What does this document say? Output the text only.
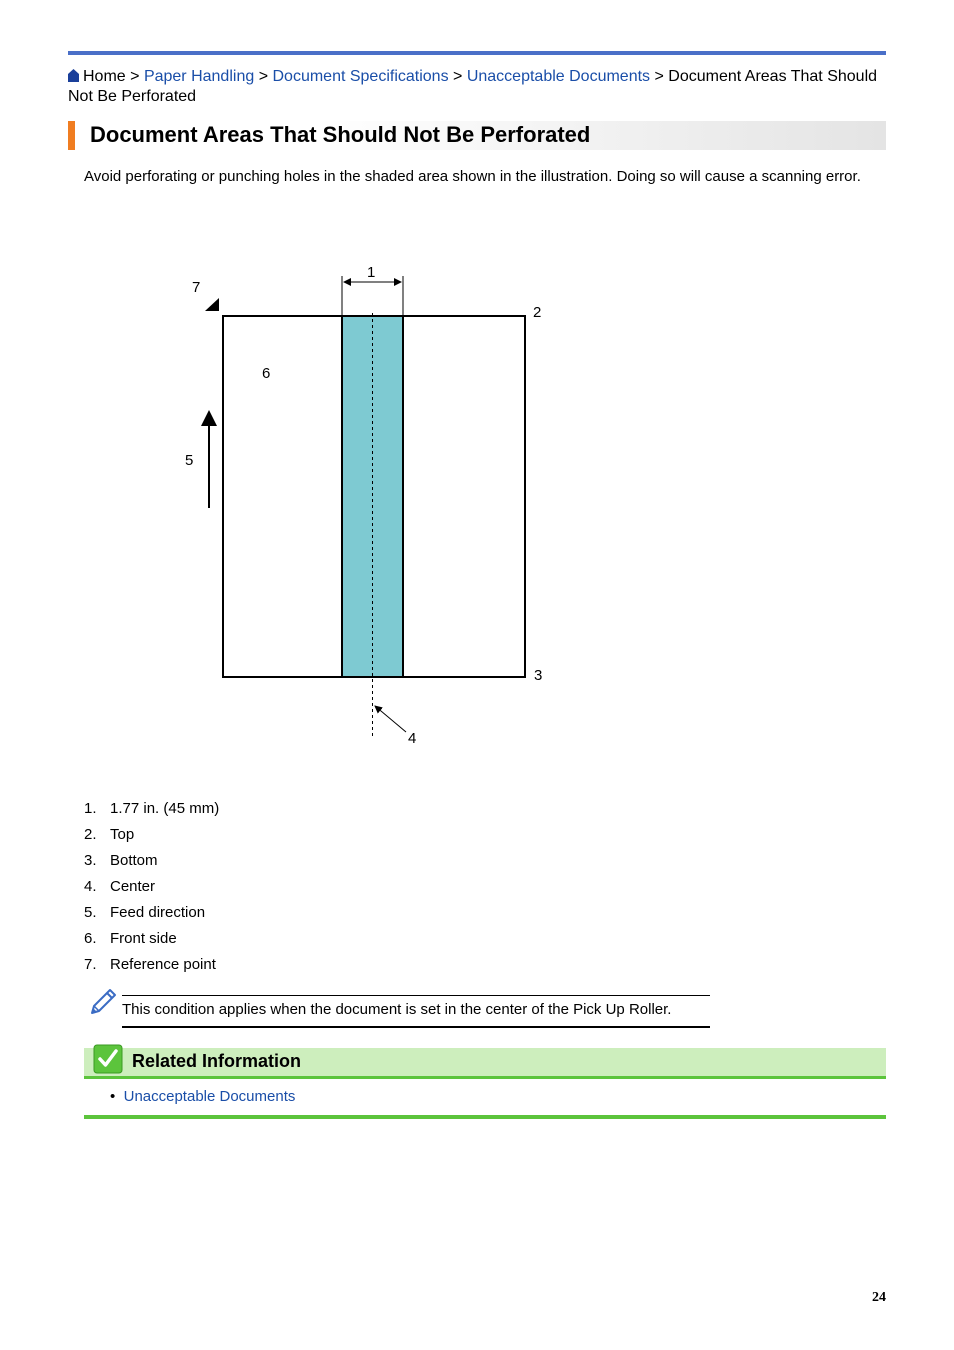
Home > Paper Handling > Document Specifications > Unacceptable Documents > Document Areas That Should Not Be Perforated
Document Areas That Should Not Be Perforated
Avoid perforating or punching holes in the shaded area shown in the illustration. Doing so will cause a scanning error.
1
2
3
4
5
6
7
1. 1.77 in. (45 mm)
2. Top
3. Bottom
4. Center
5. Feed direction
6. Front side
7. Reference point
This condition applies when the document is set in the center of the Pick Up Roller.
Related Information
• Unacceptable Documents
24
